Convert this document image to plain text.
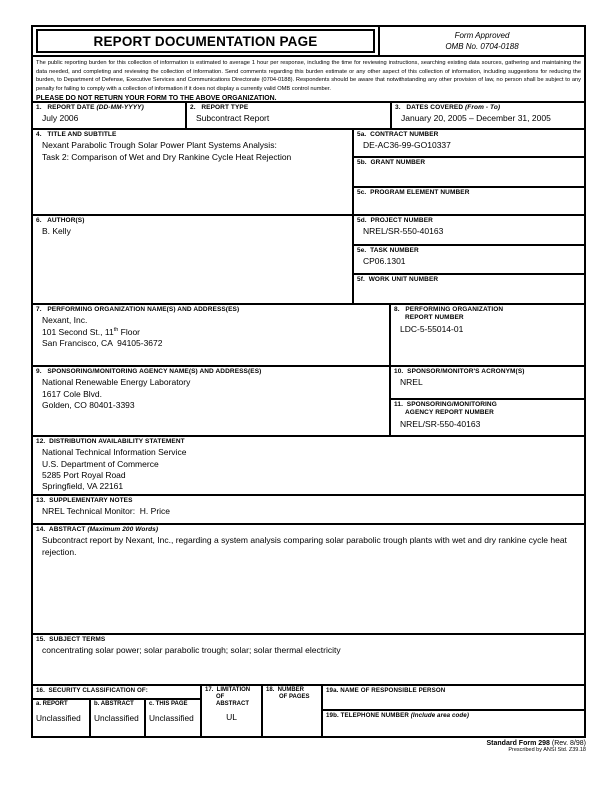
REPORT DOCUMENTATION PAGE	Form Approved
OMB No. 0704-0188
The public reporting burden for this collection of information is estimated to average 1 hour per response, including the time for reviewing instructions, searching existing data sources, gathering and maintaining the data needed, and completing and reviewing the collection of information. Send comments regarding this burden estimate or any other aspect of this collection of information, including suggestions for reducing the burden, to Department of Defense, Executive Services and Communications Directorate (0704-0188). Respondents should be aware that notwithstanding any other provision of law, no person shall be subject to any penalty for failing to comply with a collection of information if it does not display a currently valid OMB control number.
PLEASE DO NOT RETURN YOUR FORM TO THE ABOVE ORGANIZATION.
1.   REPORT DATE (DD-MM-YYYY)
July 2006
2.   REPORT TYPE
Subcontract Report
3.   DATES COVERED (From - To)
January 20, 2005 – December 31, 2005
4.   TITLE AND SUBTITLE
Nexant Parabolic Trough Solar Power Plant Systems Analysis:
Task 2: Comparison of Wet and Dry Rankine Cycle Heat Rejection
5a.  CONTRACT NUMBER
DE-AC36-99-GO10337
5b.  GRANT NUMBER
5c.  PROGRAM ELEMENT NUMBER
6.   AUTHOR(S)
B. Kelly
5d.  PROJECT NUMBER
NREL/SR-550-40163
5e.  TASK NUMBER
CP06.1301
5f.  WORK UNIT NUMBER
7.   PERFORMING ORGANIZATION NAME(S) AND ADDRESS(ES)
Nexant, Inc.
101 Second St., 11th Floor
San Francisco, CA  94105-3672
8.   PERFORMING ORGANIZATION
REPORT NUMBER
LDC-5-55014-01
9.   SPONSORING/MONITORING AGENCY NAME(S) AND ADDRESS(ES)
National Renewable Energy Laboratory
1617 Cole Blvd.
Golden, CO 80401-3393
10.  SPONSOR/MONITOR'S ACRONYM(S)
NREL
11.  SPONSORING/MONITORING
AGENCY REPORT NUMBER
NREL/SR-550-40163
12.  DISTRIBUTION AVAILABILITY STATEMENT
National Technical Information Service
U.S. Department of Commerce
5285 Port Royal Road
Springfield, VA 22161
13.  SUPPLEMENTARY NOTES
NREL Technical Monitor:  H. Price
14.  ABSTRACT (Maximum 200 Words)
Subcontract report by Nexant, Inc., regarding a system analysis comparing solar parabolic trough plants with wet and dry rankine cycle heat rejection.
15.  SUBJECT TERMS
concentrating solar power; solar parabolic trough; solar; solar thermal electricity
16.  SECURITY CLASSIFICATION OF:
a. REPORT
Unclassified
b. ABSTRACT
Unclassified
c. THIS PAGE
Unclassified
17.  LIMITATION
OF ABSTRACT
UL
18.  NUMBER
OF PAGES
19a. NAME OF RESPONSIBLE PERSON
19b. TELEPHONE NUMBER (Include area code)
Standard Form 298 (Rev. 8/98)
Prescribed by ANSI Std. Z39.18
